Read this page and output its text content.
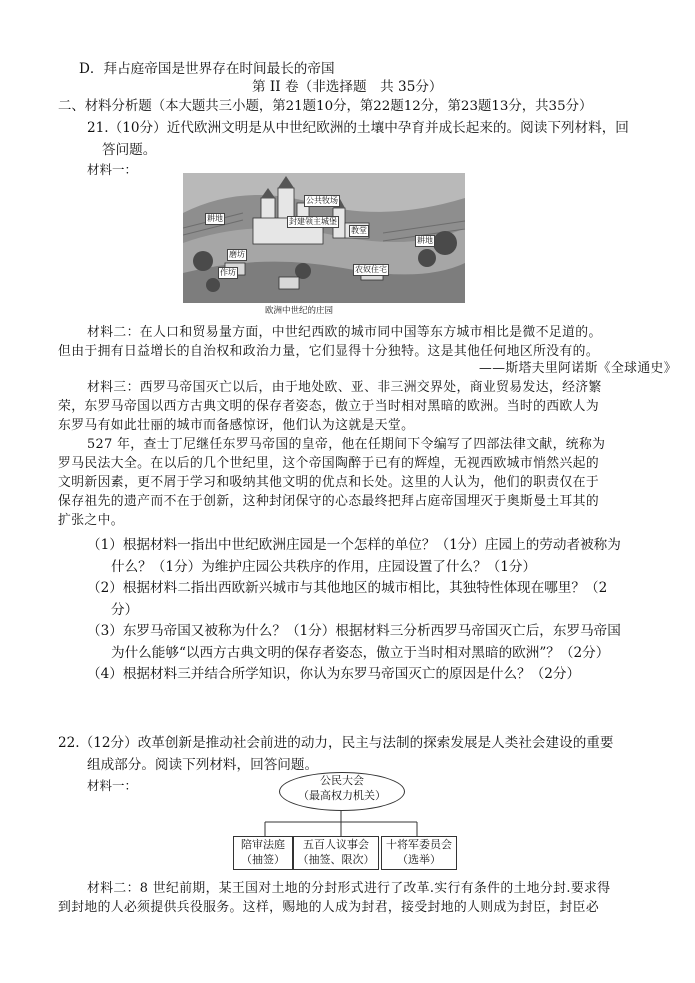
D．拜占庭帝国是世界存在时间最长的帝国
第 II 卷（非选择题　共 35分）
二、材料分析题（本大题共三小题，第21题10分，第22题12分，第23题13分，共35分）
21.（10分）近代欧洲文明是从中世纪欧洲的土壤中孕育并成长起来的。阅读下列材料，回
答问题。
材料一：
公共牧场
耕地	封建领主城堡
教堂
耕地
磨坊
作坊	农奴住宅
欧洲中世纪的庄园
材料二：在人口和贸易量方面，中世纪西欧的城市同中国等东方城市相比是微不足道的。
但由于拥有日益增长的自治权和政治力量，它们显得十分独特。这是其他任何地区所没有的。
——斯塔夫里阿诺斯《全球通史》
材料三：西罗马帝国灭亡以后，由于地处欧、亚、非三洲交界处，商业贸易发达，经济繁
荣，东罗马帝国以西方古典文明的保存者姿态，傲立于当时相对黑暗的欧洲。当时的西欧人为
东罗马有如此壮丽的城市而备感惊讶，他们认为这就是天堂。
527 年，查士丁尼继任东罗马帝国的皇帝，他在任期间下令编写了四部法律文献，统称为
罗马民法大全。在以后的几个世纪里，这个帝国陶醉于已有的辉煌，无视西欧城市悄然兴起的
文明新因素，更不屑于学习和吸纳其他文明的优点和长处。这里的人认为，他们的职责仅在于
保存祖先的遗产而不在于创新，这种封闭保守的心态最终把拜占庭帝国埋灭于奥斯曼土耳其的
扩张之中。
（1）根据材料一指出中世纪欧洲庄园是一个怎样的单位？（1分）庄园上的劳动者被称为
什么？（1分）为维护庄园公共秩序的作用，庄园设置了什么？（1分）
（2）根据材料二指出西欧新兴城市与其他地区的城市相比，其独特性体现在哪里？（2
分）
（3）东罗马帝国又被称为什么？（1分）根据材料三分析西罗马帝国灭亡后，东罗马帝国
为什么能够“以西方古典文明的保存者姿态，傲立于当时相对黑暗的欧洲”？（2分）
（4）根据材料三并结合所学知识，你认为东罗马帝国灭亡的原因是什么？（2分）
22.（12分）改革创新是推动社会前进的动力，民主与法制的探索发展是人类社会建设的重要
组成部分。阅读下列材料，回答问题。
材料一：	公民大会
（最高权力机关）
陪审法庭
（抽签）
五百人议事会
（抽签、限次）
十将军委员会
（选举）
材料二：8 世纪前期，某王国对土地的分封形式进行了改革.实行有条件的土地分封.要求得
到封地的人必须提供兵役服务。这样，赐地的人成为封君，接受封地的人则成为封臣，封臣必
